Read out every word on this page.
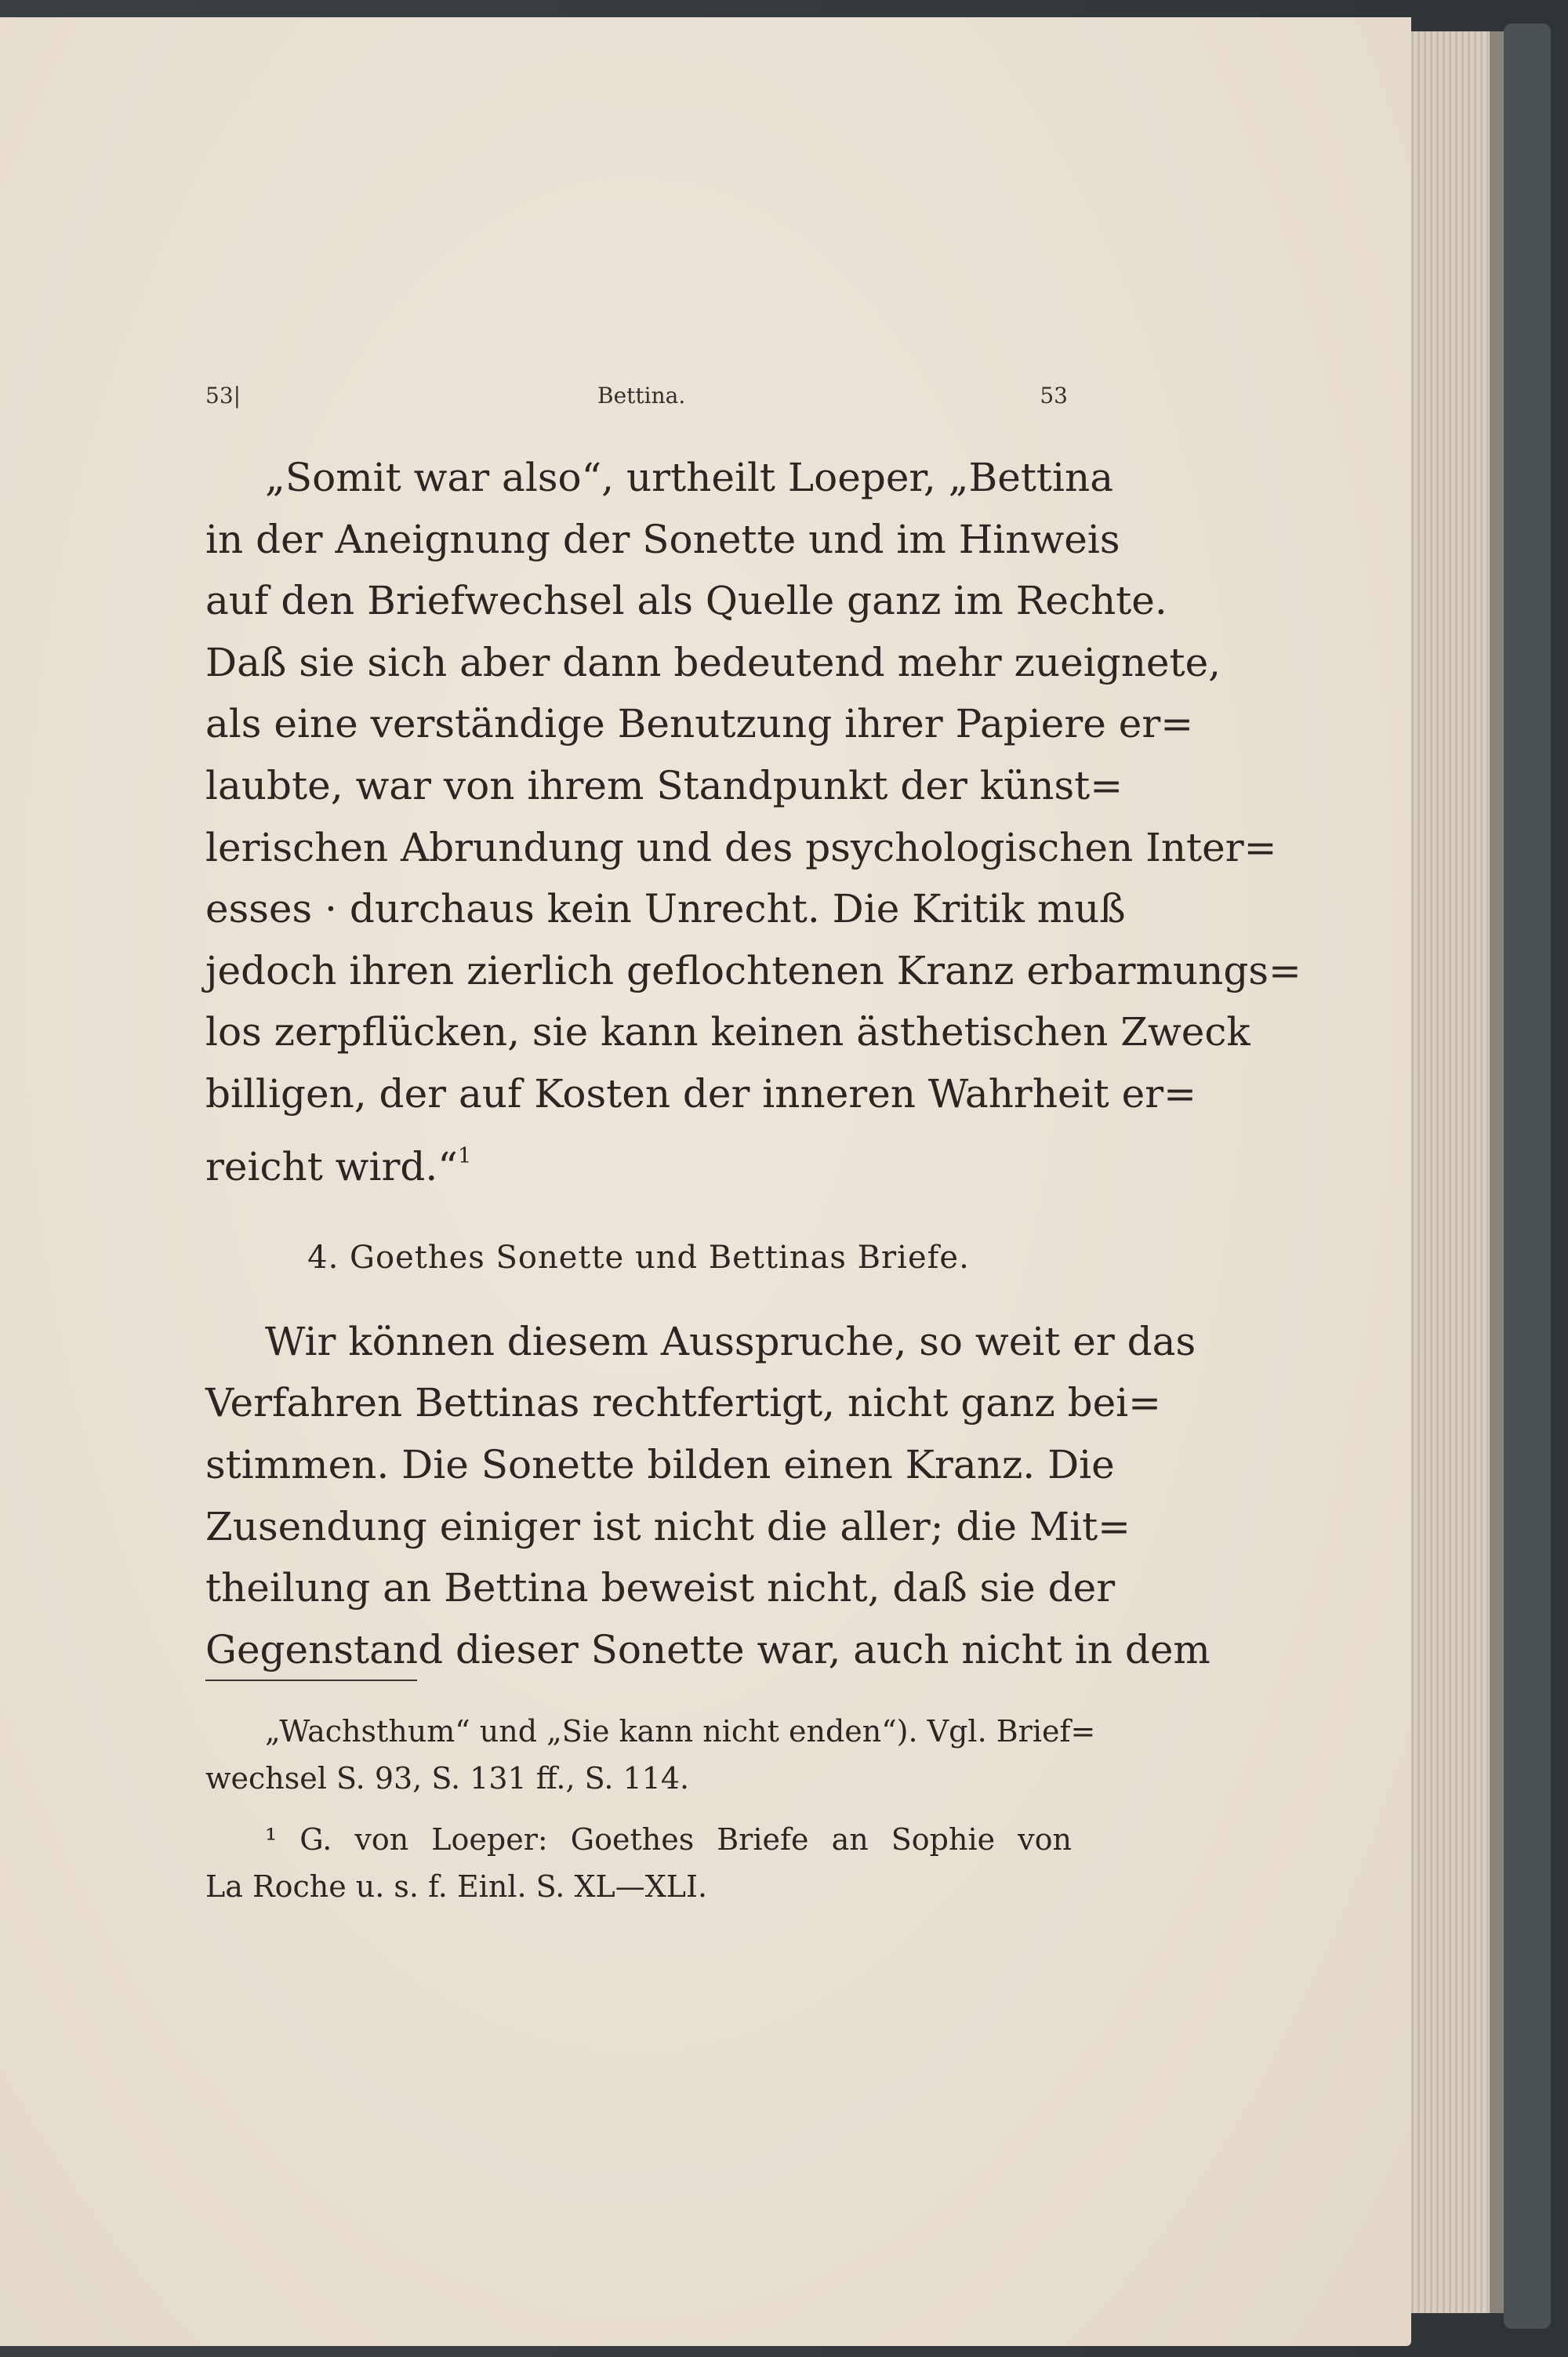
53|	Bettina.	53
„Somit war also“, urtheilt Loeper, „Bettina
in der Aneignung der Sonette und im Hinweis
auf den Briefwechsel als Quelle ganz im Rechte.
Daß sie sich aber dann bedeutend mehr zueignete,
als eine verständige Benutzung ihrer Papiere er=
laubte, war von ihrem Standpunkt der künst=
lerischen Abrundung und des psychologischen Inter=
esses · durchaus kein Unrecht. Die Kritik muß
jedoch ihren zierlich geflochtenen Kranz erbarmungs=
los zerpflücken, sie kann keinen ästhetischen Zweck
billigen, der auf Kosten der inneren Wahrheit er=
reicht wird.“$^1$
4. Goethes Sonette und Bettinas Briefe.
Wir können diesem Ausspruche, so weit er das
Verfahren Bettinas rechtfertigt, nicht ganz bei=
stimmen. Die Sonette bilden einen Kranz. Die
Zusendung einiger ist nicht die aller; die Mit=
theilung an Bettina beweist nicht, daß sie der
Gegenstand dieser Sonette war, auch nicht in dem
„Wachsthum“ und „Sie kann nicht enden“). Vgl. Brief=
wechsel S. 93, S. 131 ff., S. 114.
¹ G. von Loeper: Goethes Briefe an Sophie von
La Roche u. s. f. Einl. S. XL—XLI.
